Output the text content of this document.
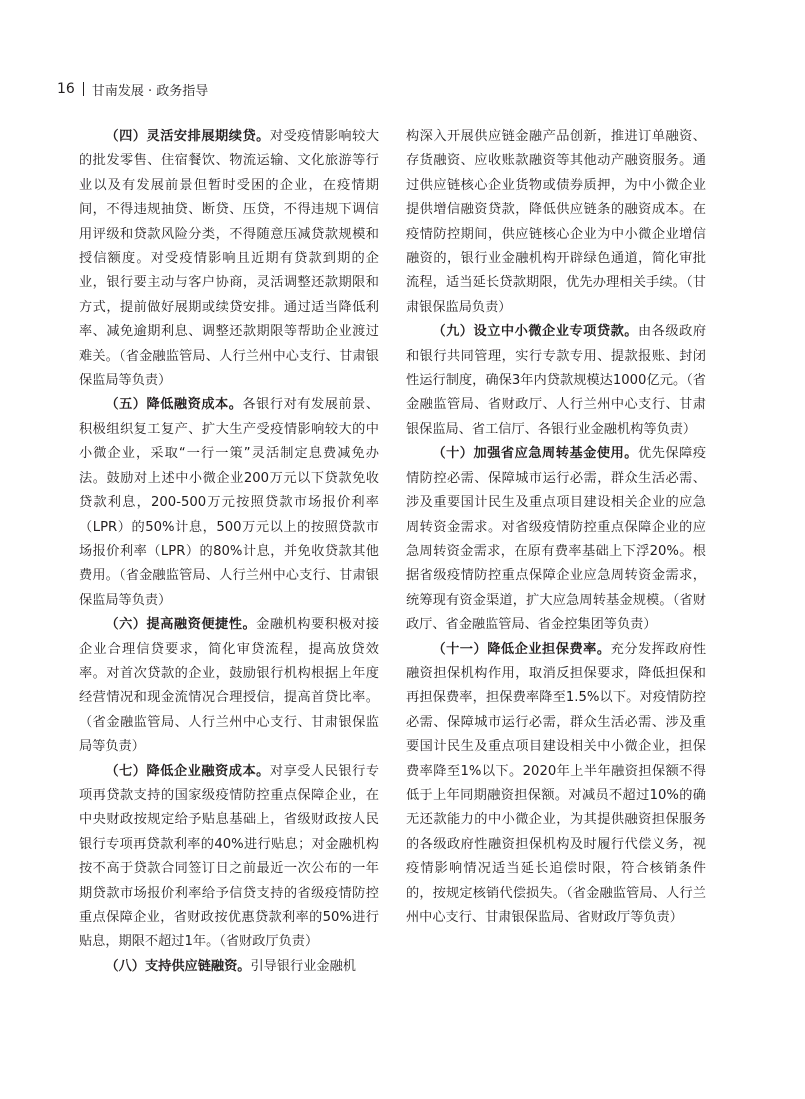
16 甘南发展 · 政务指导

（四）灵活安排展期续贷。对受疫情影响较大的批发零售、住宿餐饮、物流运输、文化旅游等行业以及有发展前景但暂时受困的企业，在疫情期间，不得违规抽贷、断贷、压贷，不得违规下调信用评级和贷款风险分类，不得随意压减贷款规模和授信额度。对受疫情影响且近期有贷款到期的企业，银行要主动与客户协商，灵活调整还款期限和方式，提前做好展期或续贷安排。通过适当降低利率、减免逾期利息、调整还款期限等帮助企业渡过难关。（省金融监管局、人行兰州中心支行、甘肃银保监局等负责）

（五）降低融资成本。各银行对有发展前景、积极组织复工复产、扩大生产受疫情影响较大的中小微企业，采取“一行一策”灵活制定息费减免办法。鼓励对上述中小微企业200万元以下贷款免收贷款利息，200-500万元按照贷款市场报价利率（LPR）的50%计息，500万元以上的按照贷款市场报价利率（LPR）的80%计息，并免收贷款其他费用。（省金融监管局、人行兰州中心支行、甘肃银保监局等负责）

（六）提高融资便捷性。金融机构要积极对接企业合理信贷要求，简化审贷流程，提高放贷效率。对首次贷款的企业，鼓励银行机构根据上年度经营情况和现金流情况合理授信，提高首贷比率。（省金融监管局、人行兰州中心支行、甘肃银保监局等负责）

（七）降低企业融资成本。对享受人民银行专项再贷款支持的国家级疫情防控重点保障企业，在中央财政按规定给予贴息基础上，省级财政按人民银行专项再贷款利率的40%进行贴息；对金融机构按不高于贷款合同签订日之前最近一次公布的一年期贷款市场报价利率给予信贷支持的省级疫情防控重点保障企业，省财政按优惠贷款利率的50%进行贴息，期限不超过1年。（省财政厅负责）

（八）支持供应链融资。引导银行业金融机

构深入开展供应链金融产品创新，推进订单融资、存货融资、应收账款融资等其他动产融资服务。通过供应链核心企业货物或债券质押，为中小微企业提供增信融资贷款，降低供应链条的融资成本。在疫情防控期间，供应链核心企业为中小微企业增信融资的，银行业金融机构开辟绿色通道，简化审批流程，适当延长贷款期限，优先办理相关手续。（甘肃银保监局负责）

（九）设立中小微企业专项贷款。由各级政府和银行共同管理，实行专款专用、提款报账、封闭性运行制度，确保3年内贷款规模达1000亿元。（省金融监管局、省财政厅、人行兰州中心支行、甘肃银保监局、省工信厅、各银行业金融机构等负责）

（十）加强省应急周转基金使用。优先保障疫情防控必需、保障城市运行必需，群众生活必需、涉及重要国计民生及重点项目建设相关企业的应急周转资金需求。对省级疫情防控重点保障企业的应急周转资金需求，在原有费率基础上下浮20%。根据省级疫情防控重点保障企业应急周转资金需求，统筹现有资金渠道，扩大应急周转基金规模。（省财政厅、省金融监管局、省金控集团等负责）

（十一）降低企业担保费率。充分发挥政府性融资担保机构作用，取消反担保要求，降低担保和再担保费率，担保费率降至1.5%以下。对疫情防控必需、保障城市运行必需，群众生活必需、涉及重要国计民生及重点项目建设相关中小微企业，担保费率降至1%以下。2020年上半年融资担保额不得低于上年同期融资担保额。对减员不超过10%的确无还款能力的中小微企业，为其提供融资担保服务的各级政府性融资担保机构及时履行代偿义务，视疫情影响情况适当延长追偿时限，符合核销条件的，按规定核销代偿损失。（省金融监管局、人行兰州中心支行、甘肃银保监局、省财政厅等负责）
